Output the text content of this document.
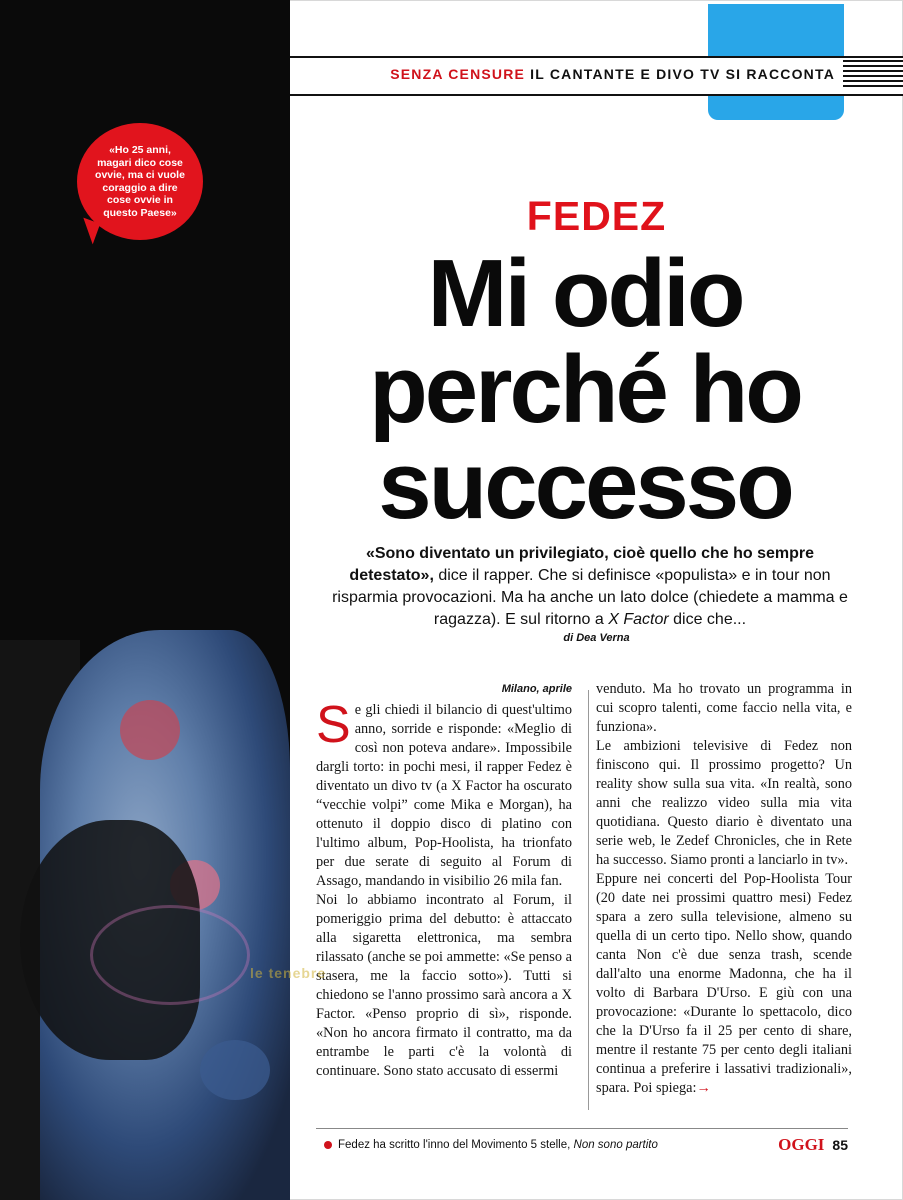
«Ho 25 anni, magari dico cose ovvie, ma ci vuole coraggio a dire cose ovvie in questo Paese»
SENZA CENSURE IL CANTANTE E DIVO TV SI RACCONTA
FEDEZ
Mi odio
perché ho
successo
«Sono diventato un privilegiato, cioè quello che ho sempre detestato», dice il rapper. Che si definisce «populista» e in tour non risparmia provocazioni. Ma ha anche un lato dolce (chiedete a mamma e ragazza). E sul ritorno a X Factor dice che...
di Dea Verna
Milano, aprile
S e gli chiedi il bilancio di quest'ultimo anno, sorride e risponde: «Meglio di così non poteva andare». Impossibile dargli torto: in pochi mesi, il rapper Fedez è diventato un divo tv (a X Factor ha oscurato “vecchie volpi” come Mika e Morgan), ha ottenuto il doppio disco di platino con l'ultimo album, Pop-Hoolista, ha trionfato per due serate di seguito al Forum di Assago, mandando in visibilio 26 mila fan.

Noi lo abbiamo incontrato al Forum, il pomeriggio prima del debutto: è attaccato alla sigaretta elettronica, ma sembra rilassato (anche se poi ammette: «Se penso a stasera, me la faccio sotto»). Tutti si chiedono se l'anno prossimo sarà ancora a X Factor. «Penso proprio di sì», risponde. «Non ho ancora firmato il contratto, ma da entrambe le parti c'è la volontà di continuare. Sono stato accusato di essermi

venduto. Ma ho trovato un programma in cui scopro talenti, come faccio nella vita, e funziona».

Le ambizioni televisive di Fedez non finiscono qui. Il prossimo progetto? Un reality show sulla sua vita. «In realtà, sono anni che realizzo video sulla mia vita quotidiana. Questo diario è diventato una serie web, le Zedef Chronicles, che in Rete ha successo. Siamo pronti a lanciarlo in tv».

Eppure nei concerti del Pop-Hoolista Tour (20 date nei prossimi quattro mesi) Fedez spara a zero sulla televisione, almeno su quella di un certo tipo. Nello show, quando canta Non c'è due senza trash, scende dall'alto una enorme Madonna, che ha il volto di Barbara D'Urso. E giù con una provocazione: «Durante lo spettacolo, dico che la D'Urso fa il 25 per cento di share, mentre il restante 75 per cento degli italiani continua a preferire i lassativi tradizionali», spara. Poi spiega:→

le tenebre
Fedez ha scritto l'inno del Movimento 5 stelle, Non sono partito	OGGI 85
